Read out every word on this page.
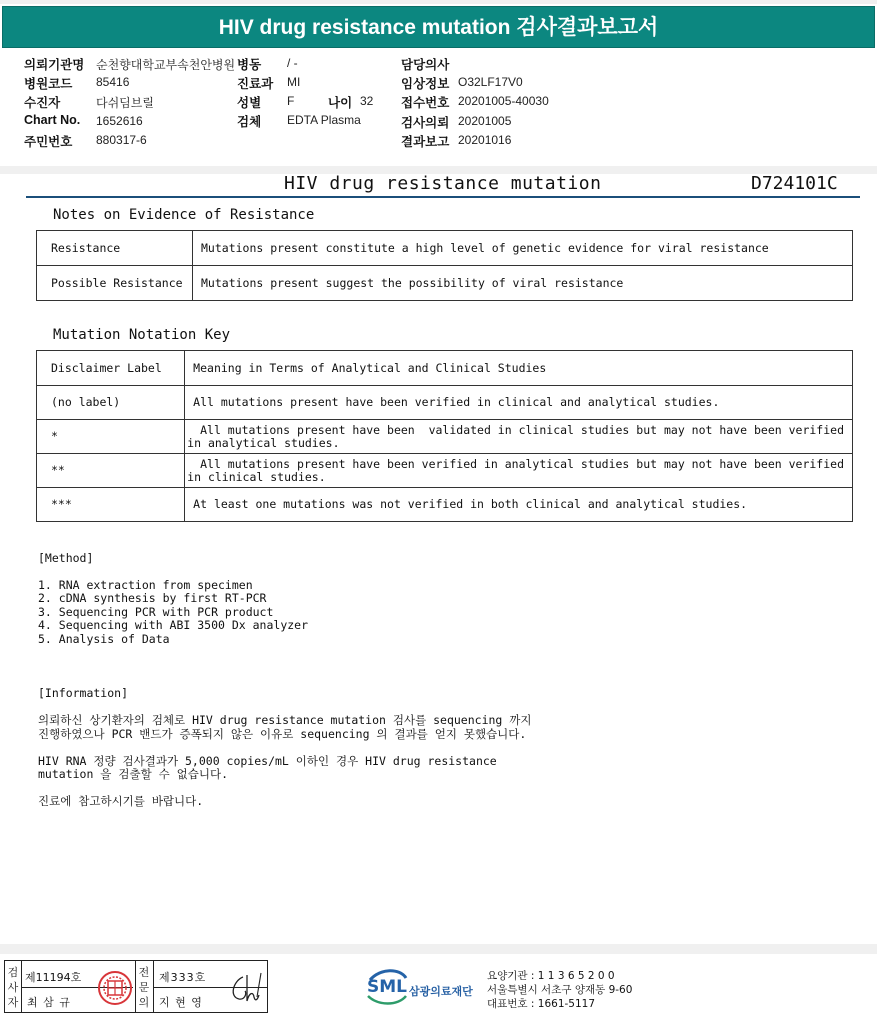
HIV drug resistance mutation 검사결과보고서
의뢰기관명 순천향대학교부속천안병원 병동 / -	담당의사
병원코드 85416	진료과 MI	임상정보 O32LF17V0
수진자	다쉬딤브릴	성별 F	나이 32 접수번호 20201005-40030
Chart No. 1652616	검체 EDTA Plasma	검사의뢰 20201005
주민번호 880317-6	결과보고 20201016
HIV drug resistance mutation	D724101C
Notes on Evidence of Resistance
Resistance	Mutations present constitute a high level of genetic evidence for viral resistance
Possible Resistance	Mutations present suggest the possibility of viral resistance
Mutation Notation Key
Disclaimer Label	Meaning in Terms of Analytical and Clinical Studies
(no label)	All mutations present have been verified in clinical and analytical studies.

*	All mutations present have been  validated in clinical studies but may not have been verified
in analytical studies.

**	All mutations present have been verified in analytical studies but may not have been verified
in clinical studies.

***	At least one mutations was not verified in both clinical and analytical studies.
[Method]
1. RNA extraction from specimen
2. cDNA synthesis by first RT-PCR
3. Sequencing PCR with PCR product
4. Sequencing with ABI 3500 Dx analyzer
5. Analysis of Data
[Information]
의뢰하신 상기환자의 검체로 HIV drug resistance mutation 검사를 sequencing 까지
진행하였으나 PCR 밴드가 증폭되지 않은 이유로 sequencing 의 결과를 얻지 못했습니다.
HIV RNA 정량 검사결과가 5,000 copies/mL 이하인 경우 HIV drug resistance
mutation 을 검출할 수 없습니다.
진료에 참고하시기를 바랍니다.
검사자
제11194호
최 삼 규
전문의
제333호
지 현 영
SML 삼광의료재단
요양기관 : 1 1 3 6 5 2 0 0
서울특별시 서초구 양재동 9-60
대표번호 : 1661-5117
